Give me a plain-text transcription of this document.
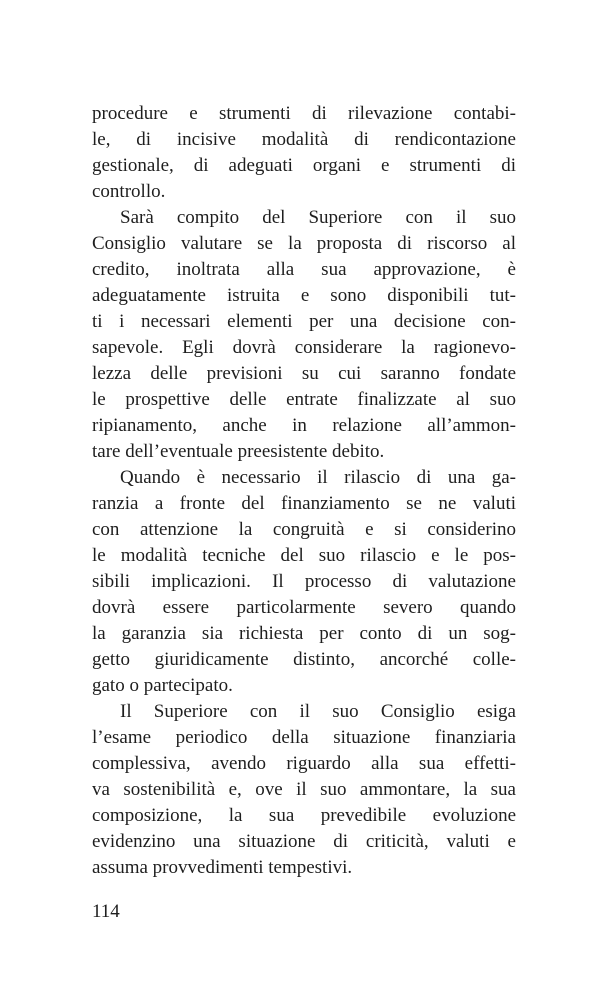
procedure e strumenti di rilevazione contabi-
le, di incisive modalità di rendicontazione
gestionale, di adeguati organi e strumenti di
controllo.
Sarà compito del Superiore con il suo
Consiglio valutare se la proposta di riscorso al
credito, inoltrata alla sua approvazione, è
adeguatamente istruita e sono disponibili tut-
ti i necessari elementi per una decisione con-
sapevole. Egli dovrà considerare la ragionevo-
lezza delle previsioni su cui saranno fondate
le prospettive delle entrate finalizzate al suo
ripianamento, anche in relazione all’ammon-
tare dell’eventuale preesistente debito.
Quando è necessario il rilascio di una ga-
ranzia a fronte del finanziamento se ne valuti
con attenzione la congruità e si considerino
le modalità tecniche del suo rilascio e le pos-
sibili implicazioni. Il processo di valutazione
dovrà essere particolarmente severo quando
la garanzia sia richiesta per conto di un sog-
getto giuridicamente distinto, ancorché colle-
gato o partecipato.
Il Superiore con il suo Consiglio esiga
l’esame periodico della situazione finanziaria
complessiva, avendo riguardo alla sua effetti-
va sostenibilità e, ove il suo ammontare, la sua
composizione, la sua prevedibile evoluzione
evidenzino una situazione di criticità, valuti e
assuma provvedimenti tempestivi.
114
